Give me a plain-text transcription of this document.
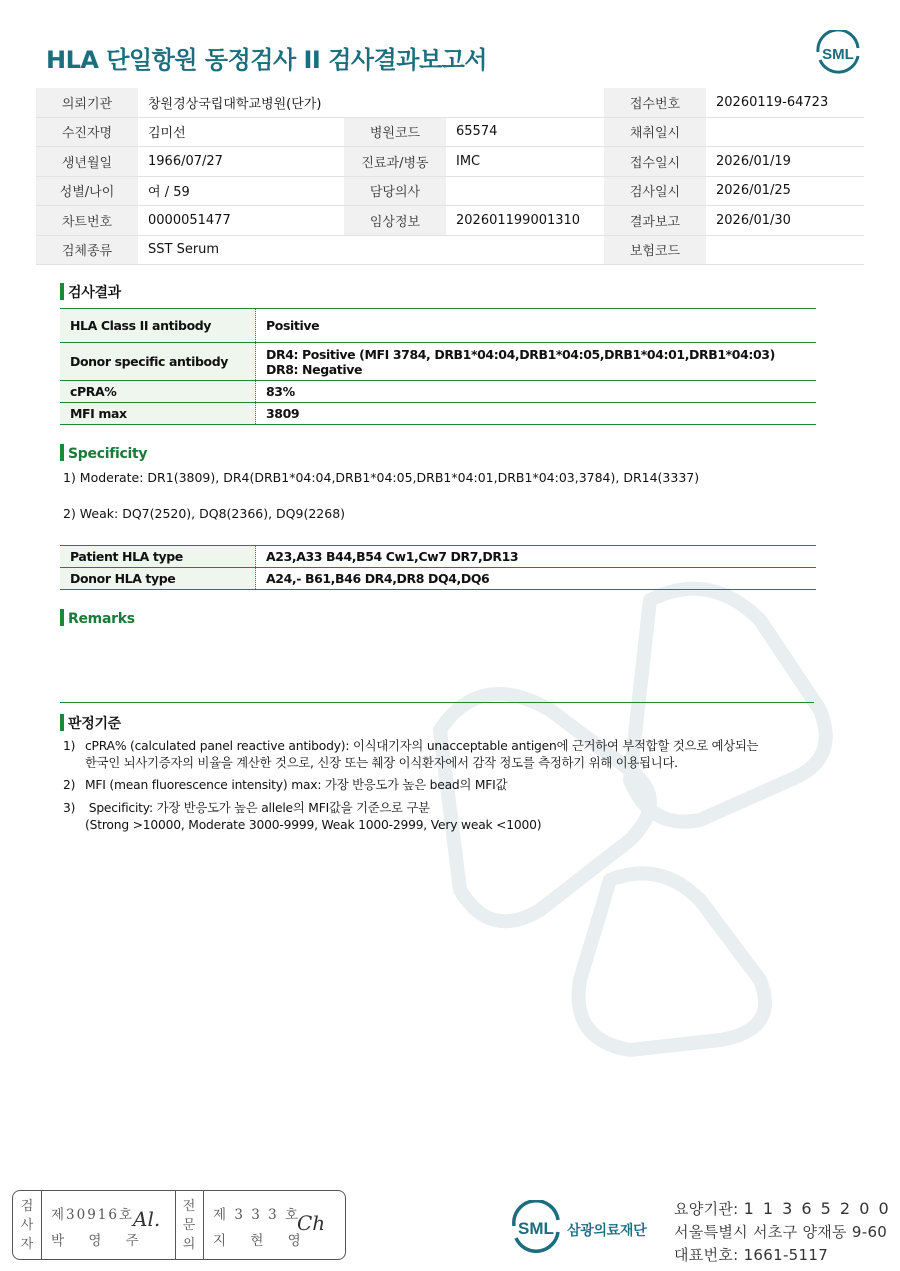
HLA 단일항원 동정검사 II 검사결과보고서	SML
의뢰기관	창원경상국립대학교병원(단가)			접수번호	20260119-64723
수진자명	김미선	병원코드	65574	채취일시	
생년월일	1966/07/27	진료과/병동	IMC	접수일시	2026/01/19
성별/나이	여 / 59	담당의사		검사일시	2026/01/25
차트번호	0000051477	임상정보	202601199001310	결과보고	2026/01/30
검체종류	SST Serum			보험코드	
검사결과
HLA Class II antibody	Positive
Donor specific antibody	DR4: Positive (MFI 3784, DRB1*04:04,DRB1*04:05,DRB1*04:01,DRB1*04:03)
DR8: Negative

cPRA%	83%
MFI max	3809
Specificity
1) Moderate: DR1(3809), DR4(DRB1*04:04,DRB1*04:05,DRB1*04:01,DRB1*04:03,3784), DR14(3337)
2) Weak: DQ7(2520), DQ8(2366), DQ9(2268)
Patient HLA type	A23,A33 B44,B54 Cw1,Cw7 DR7,DR13
Donor HLA type	A24,- B61,B46 DR4,DR8 DQ4,DQ6
Remarks
판정기준
1) cPRA% (calculated panel reactive antibody): 이식대기자의 unacceptable antigen에 근거하여 부적합할 것으로 예상되는
한국인 뇌사기증자의 비율을 계산한 것으로, 신장 또는 췌장 이식환자에서 감작 정도를 측정하기 위해 이용됩니다.
2) MFI (mean fluorescence intensity) max: 가장 반응도가 높은 bead의 MFI값
3) Specificity: 가장 반응도가 높은 allele의 MFI값을 기준으로 구분
(Strong >10000, Moderate 3000-9999, Weak 1000-2999, Very weak <1000)
검
사
자
제30916호
박 영 주
Al.
전
문
의
제 3 3 3 호
지 현 영
Ch	SML 삼광의료재단
요양기관: 1 1 3 6 5 2 0 0
서울특별시 서초구 양재동 9-60
대표번호: 1661-5117
